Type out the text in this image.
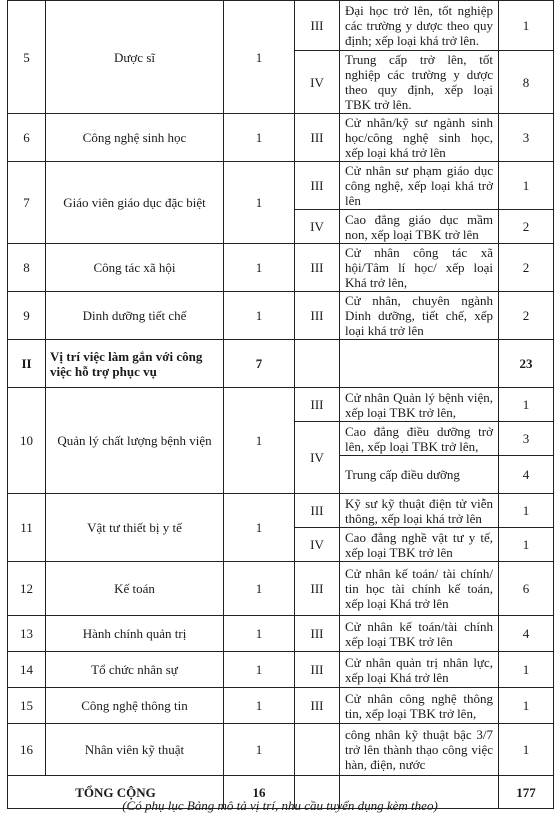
5	Dược sĩ	1	III	Đại học trở lên, tốt nghiệp các trường y dược theo quy định; xếp loại khá trở lên.	1
			IV	Trung cấp trở lên, tốt nghiệp các trường y dược theo quy định, xếp loại TBK trở lên.	8
6	Công nghệ sinh học	1	III	Cử nhân/kỹ sư ngành sinh học/công nghệ sinh học, xếp loại khá trở lên	3
7	Giáo viên giáo dục đặc biệt	1	III	Cử nhân sư phạm giáo dục công nghệ, xếp loại khá trở lên	1
			IV	Cao đẳng giáo dục mầm non, xếp loại TBK trở lên	2
8	Công tác xã hội	1	III	Cử nhân công tác xã hội/Tâm lí học/ xếp loại Khá trở lên,	2
9	Dinh dưỡng tiết chế	1	III	Cử nhân, chuyên ngành Dinh dưỡng, tiết chế, xếp loại khá trở lên	2
II	Vị trí việc làm gắn với công việc hỗ trợ phục vụ	7			23
10	Quản lý chất lượng bệnh viện	1	III	Cử nhân Quản lý bệnh viện, xếp loại TBK trở lên,	1
			IV	Cao đẳng điều dưỡng trở lên, xếp loại TBK trở lên,	3
				Trung cấp điều dưỡng	4
11	Vật tư thiết bị y tế	1	III	Kỹ sư kỹ thuật điện tử viễn thông, xếp loại khá trở lên	1
			IV	Cao đẳng nghề vật tư y tế, xếp loại TBK trở lên	1
12	Kế toán	1	III	Cử nhân kế toán/ tài chính/ tin học tài chính kế toán, xếp loại Khá trở lên	6
13	Hành chính quản trị	1	III	Cử nhân kế toán/tài chính xếp loại TBK trở lên	4
14	Tổ chức nhân sự	1	III	Cử nhân quản trị nhân lực, xếp loại Khá trở lên	1
15	Công nghệ thông tin	1	III	Cử nhân công nghệ thông tin, xếp loại TBK trở lên,	1
16	Nhân viên kỹ thuật	1		công nhân kỹ thuật bậc 3/7 trở lên thành thạo công việc hàn, điện, nước	1
TỔNG CỘNG		16			177
(Có phụ lục Bảng mô tả vị trí, nhu cầu tuyển dụng kèm theo)
